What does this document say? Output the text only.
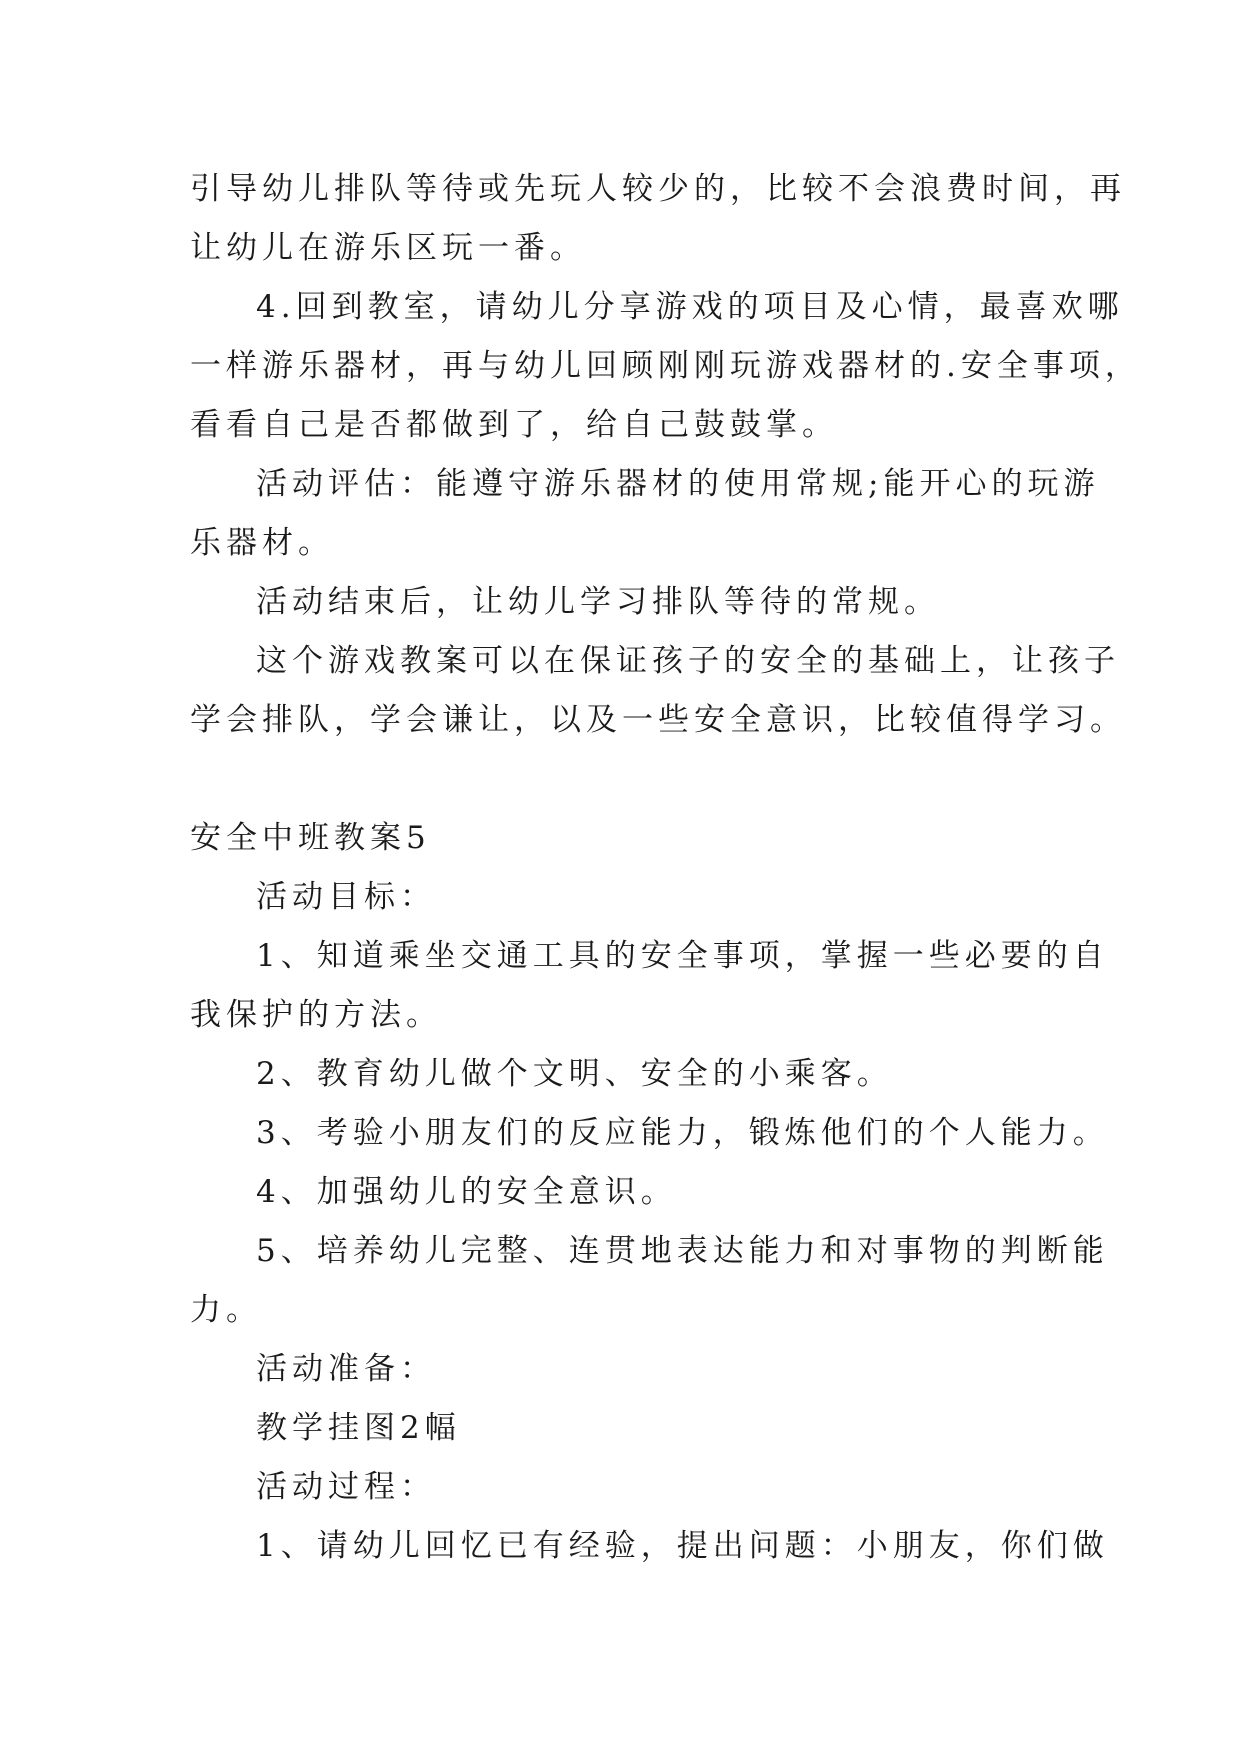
引导幼儿排队等待或先玩人较少的，比较不会浪费时间，再
让幼儿在游乐区玩一番。

4.回到教室，请幼儿分享游戏的项目及心情，最喜欢哪
一样游乐器材，再与幼儿回顾刚刚玩游戏器材的.安全事项，
看看自己是否都做到了，给自己鼓鼓掌。

活动评估：能遵守游乐器材的使用常规;能开心的玩游
乐器材。

活动结束后，让幼儿学习排队等待的常规。

这个游戏教案可以在保证孩子的安全的基础上，让孩子
学会排队，学会谦让，以及一些安全意识，比较值得学习。

安全中班教案5

活动目标：

1、知道乘坐交通工具的安全事项，掌握一些必要的自
我保护的方法。

2、教育幼儿做个文明、安全的小乘客。

3、考验小朋友们的反应能力，锻炼他们的个人能力。

4、加强幼儿的安全意识。

5、培养幼儿完整、连贯地表达能力和对事物的判断能
力。

活动准备：

教学挂图2幅

活动过程：

1、请幼儿回忆已有经验，提出问题：小朋友，你们做
